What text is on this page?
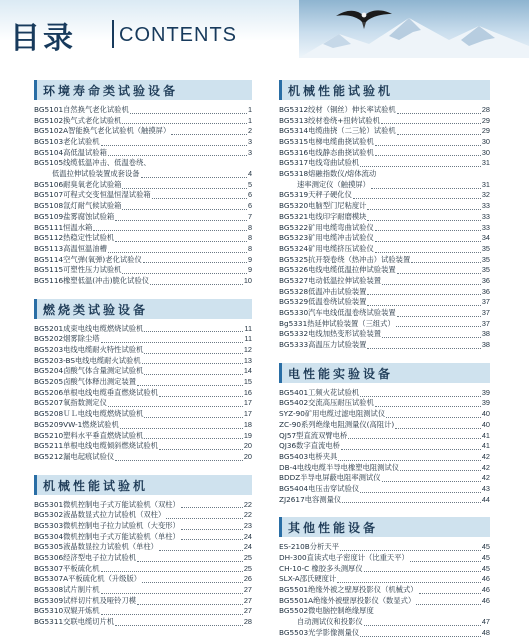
目录 CONTENTS
环境寿命类试验设备
BG5101自然换气老化试验机	1
BG5102换气式老化试验机	1
BG5102A智能换气老化试验机（触摸屏）	2
BG5103老化试验机	3
BG5104高低温试验箱	3
BG5105线缆低温冲击、低温卷绕、
低温拉伸试验装置成套设备	4
BG5106耐臭氧老化试验箱	5
BG5107可程式交变恒温恒湿试验箱	6
BG5108氙灯耐气候试验箱	6
BG5109盐雾腐蚀试验箱	7
BG5111恒温水箱	8
BG5112热稳定性试验机	8
BG5113高温恒温油槽	8
BG5114空气弹(氧弹)老化试验仪	9
BG5115可塑性压力试验机	9
BG5116橡塑低温(冲击)脆化试验仪	10
燃烧类试验设备
BG5201成束电线电缆燃烧试验机	11
BG5202烟雾除尘塔	11
BG5203电线电缆耐火特性试验机	12
BG5203-BS电线电缆耐火试验机	13
BG5204卤酸气体含量测定试验机	14
BG5205卤酸气体释出测定装置	15
BG5206单根电线电缆垂直燃烧试验机	16
BG5207氧指数测定仪	17
BG5208ＵＬ电线电缆燃烧试验机	17
BG5209VW-1燃烧试验机	18
BG5210塑料水平垂直燃烧试验机	19
BG5211单根电线电缆倾斜燃烧试验机	20
BG5212漏电起痕试验仪	20
机械性能试验机
BG5301微机控制电子式万能试验机（双柱）	22
BG5302液晶数显式拉力试验机（双柱）	22
BG5303微机控制电子拉力试验机（大变形）	23
BG5304微机控制电子式万能试验机（单柱）	24
BG5305液晶数显拉力试验机（单柱）	24
BG5306经济型电子拉力试验机	25
BG5307平板硫化机	25
BG5307A平板硫化机（升级版）	26
BG5308试片制片机	27
BG5309试样切片机及哑铃刀模	27
BG5310双辊开炼机	27
BG5311交联电缆切片机	28
机械性能试验机
BG5312绞材（铜丝）伸长率试验机	28
BG5313绞材卷绕+扭转试验机	29
BG5314电缆曲挠（二三轮）试验机	29
BG5315电梯电缆曲挠试验机	30
BG5316电线静态曲挠试验机	30
BG5317电线弯曲试验机	31
BG5318熔融指数仪/熔体流动
速率测定仪（触摸屏）	31
BG5319天秤子硬化仪	32
BG5320电脑型门尼粘度计	33
BG5321电线印字耐磨模块	33
BG5322矿用电缆弯曲试验仪	33
BG5323矿用电缆冲击试验仪	34
BG5324矿用电缆挤压试验仪	35
BG5325抗开裂卷绕（热冲击）试验装置	35
BG5326电线电缆低温拉伸试验装置	35
BG5327电动低温拉伸试验装置	36
BG5328低温冲击试验装置	36
BG5329低温卷绕试验装置	37
BG5330汽车电线低温卷绕试验装置	37
Bg5331热延伸试验装置（三组式）	37
BG5332电线加热变形试验装置	38
BG5333高温压力试验装置	38
电性能实验设备
BG5401工频火花试验机	39
BG5402交流高压耐压试验机	39
SYZ-90矿用电缆过滤电阻测试仪	40
ZC-90系列绝缘电阻测量仪(高阻计)	40
QJ57型直流双臂电桥	41
QJ36数字直流电桥	41
BG5403电桥夹具	42
DB-4电线电缆半导电橡塑电阻测试仪	42
BDDZ半导电屏蔽电阻率测试仪	42
BG5404电压击穿试验仪	43
ZJ2617电容测量仪	44
其他性能设备
ES-210B分析天平	45
DH-300直读式电子密度计（比重天平）	45
CH-10-C 橡胶多头测厚仪	45
SLX-A邵氏硬度计	46
BG5501绝缘外被之壁厚投影仪（机械式）	46
BG5501A绝缘外被壁厚投影仪（数显式）	46
BG5502微电脑控制绝缘厚度
自动测试仪和投影仪	47
BG5503光学影像测量仪	48
